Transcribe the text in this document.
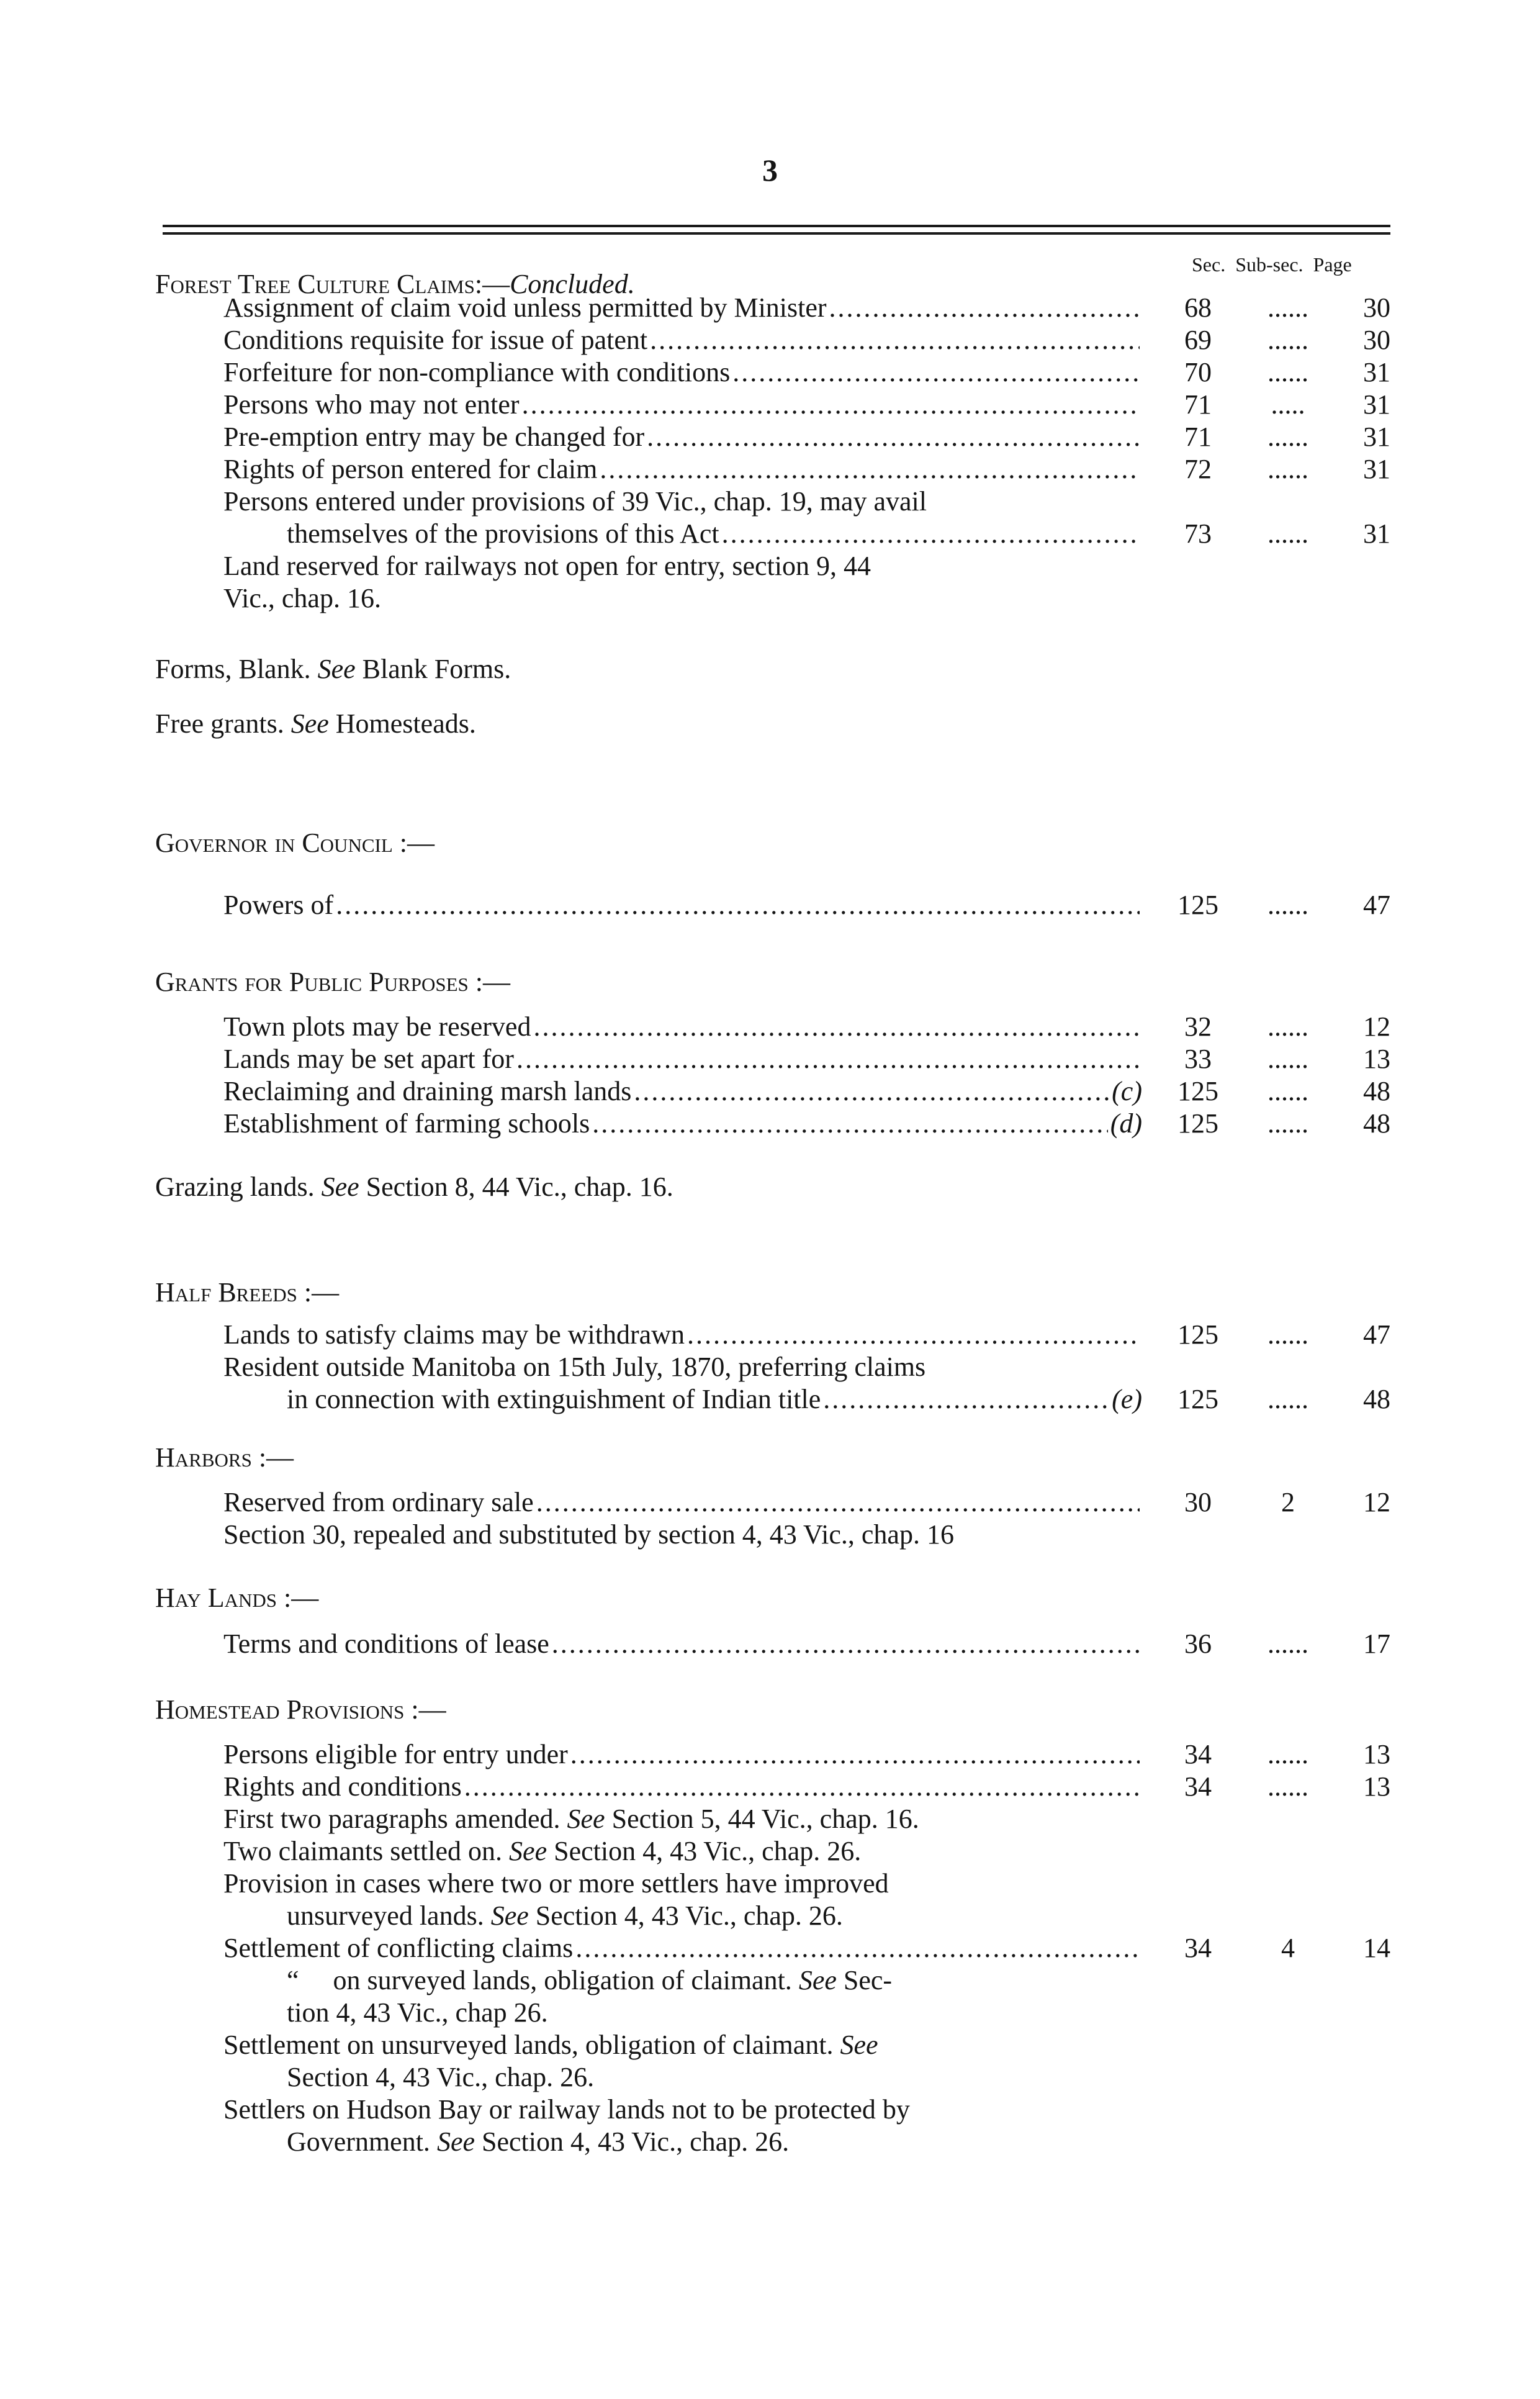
3
Forest Tree Culture Claims:—Concluded.
Sec. Sub-sec. Page
Assignment of claim void unless permitted by Minister . . .	68	......	30
Conditions requisite for issue of patent . . .	69	......	30
Forfeiture for non-compliance with conditions . . .	70	......	31
Persons who may not enter . . .	71	.....	31
Pre-emption entry may be changed for . . .	71	......	31
Rights of person entered for claim . . .	72	......	31
Persons entered under provisions of 39 Vic., chap. 19, may avail
themselves of the provisions of this Act . . .	73	......	31
Land reserved for railways not open for entry, section 9, 44
Vic., chap. 16.
Forms, Blank. See Blank Forms.
Free grants. See Homesteads.
Governor in Council :—
Powers of . . .	125	......	47
Grants for Public Purposes :—
Town plots may be reserved . . .	32	......	12
Lands may be set apart for . . .	33	......	13
Reclaiming and draining marsh lands . . .	(c)	125	......	48
Establishment of farming schools . . .	(d)	125	......	48
Grazing lands. See Section 8, 44 Vic., chap. 16.
Half Breeds :—
Lands to satisfy claims may be withdrawn . . .	125	......	47
Resident outside Manitoba on 15th July, 1870, preferring claims
in connection with extinguishment of Indian title . . .	(e)	125	......	48
Harbors :—
Reserved from ordinary sale . . .	30	2	12
Section 30, repealed and substituted by section 4, 43 Vic., chap. 16
Hay Lands :—
Terms and conditions of lease . . .	36	......	17
Homestead Provisions :—
Persons eligible for entry under . . .	34	......	13
Rights and conditions . . .	34	......	13
First two paragraphs amended. See Section 5, 44 Vic., chap. 16.
Two claimants settled on. See Section 4, 43 Vic., chap. 26.
Provision in cases where two or more settlers have improved
unsurveyed lands. See Section 4, 43 Vic., chap. 26.
Settlement of conflicting claims . . .	34	4	14
“     on surveyed lands, obligation of claimant. See Sec-
tion 4, 43 Vic., chap 26.
Settlement on unsurveyed lands, obligation of claimant. See
Section 4, 43 Vic., chap. 26.
Settlers on Hudson Bay or railway lands not to be protected by
Government. See Section 4, 43 Vic., chap. 26.
